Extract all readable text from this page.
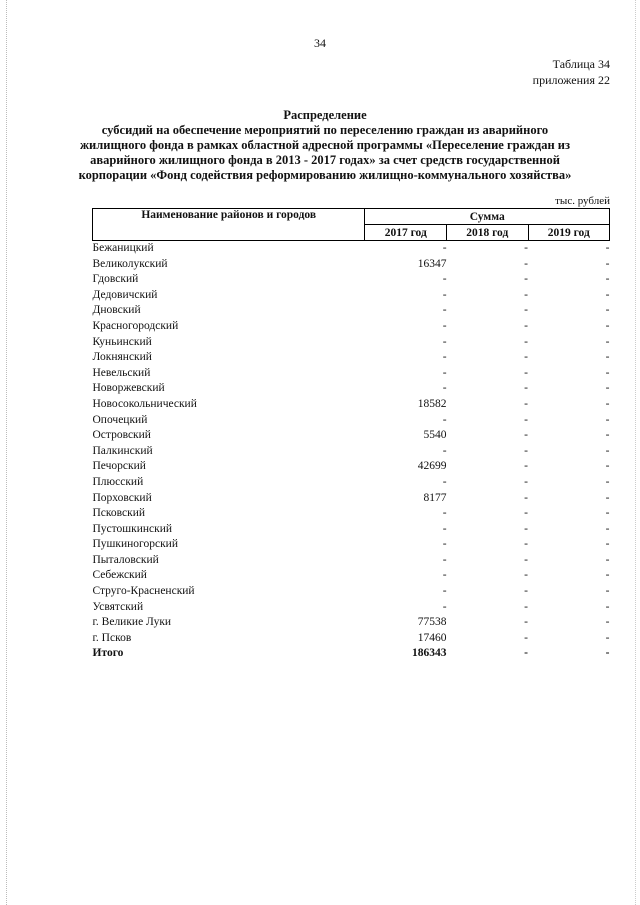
34
Таблица 34
приложения 22
Распределение
субсидий на обеспечение мероприятий по переселению граждан из аварийного
жилищного фонда в рамках областной адресной программы «Переселение граждан из
аварийного жилищного фонда в 2013 - 2017 годах» за счет средств государственной
корпорации «Фонд содействия реформированию жилищно-коммунального хозяйства»
тыс. рублей
Наименование районов и городов	Сумма		
	2017 год	2018 год	2019 год
Бежаницкий	-	-	-
Великолукский	16347	-	-
Гдовский	-	-	-
Дедовичский	-	-	-
Дновский	-	-	-
Красногородский	-	-	-
Куньинский	-	-	-
Локнянский	-	-	-
Невельский	-	-	-
Новоржевский	-	-	-
Новосокольнический	18582	-	-
Опочецкий	-	-	-
Островский	5540	-	-
Палкинский	-	-	-
Печорский	42699	-	-
Плюсский	-	-	-
Порховский	8177	-	-
Псковский	-	-	-
Пустошкинский	-	-	-
Пушкиногорский	-	-	-
Пыталовский	-	-	-
Себежский	-	-	-
Струго-Красненский	-	-	-
Усвятский	-	-	-
г. Великие Луки	77538	-	-
г. Псков	17460	-	-
Итого	186343	-	-
